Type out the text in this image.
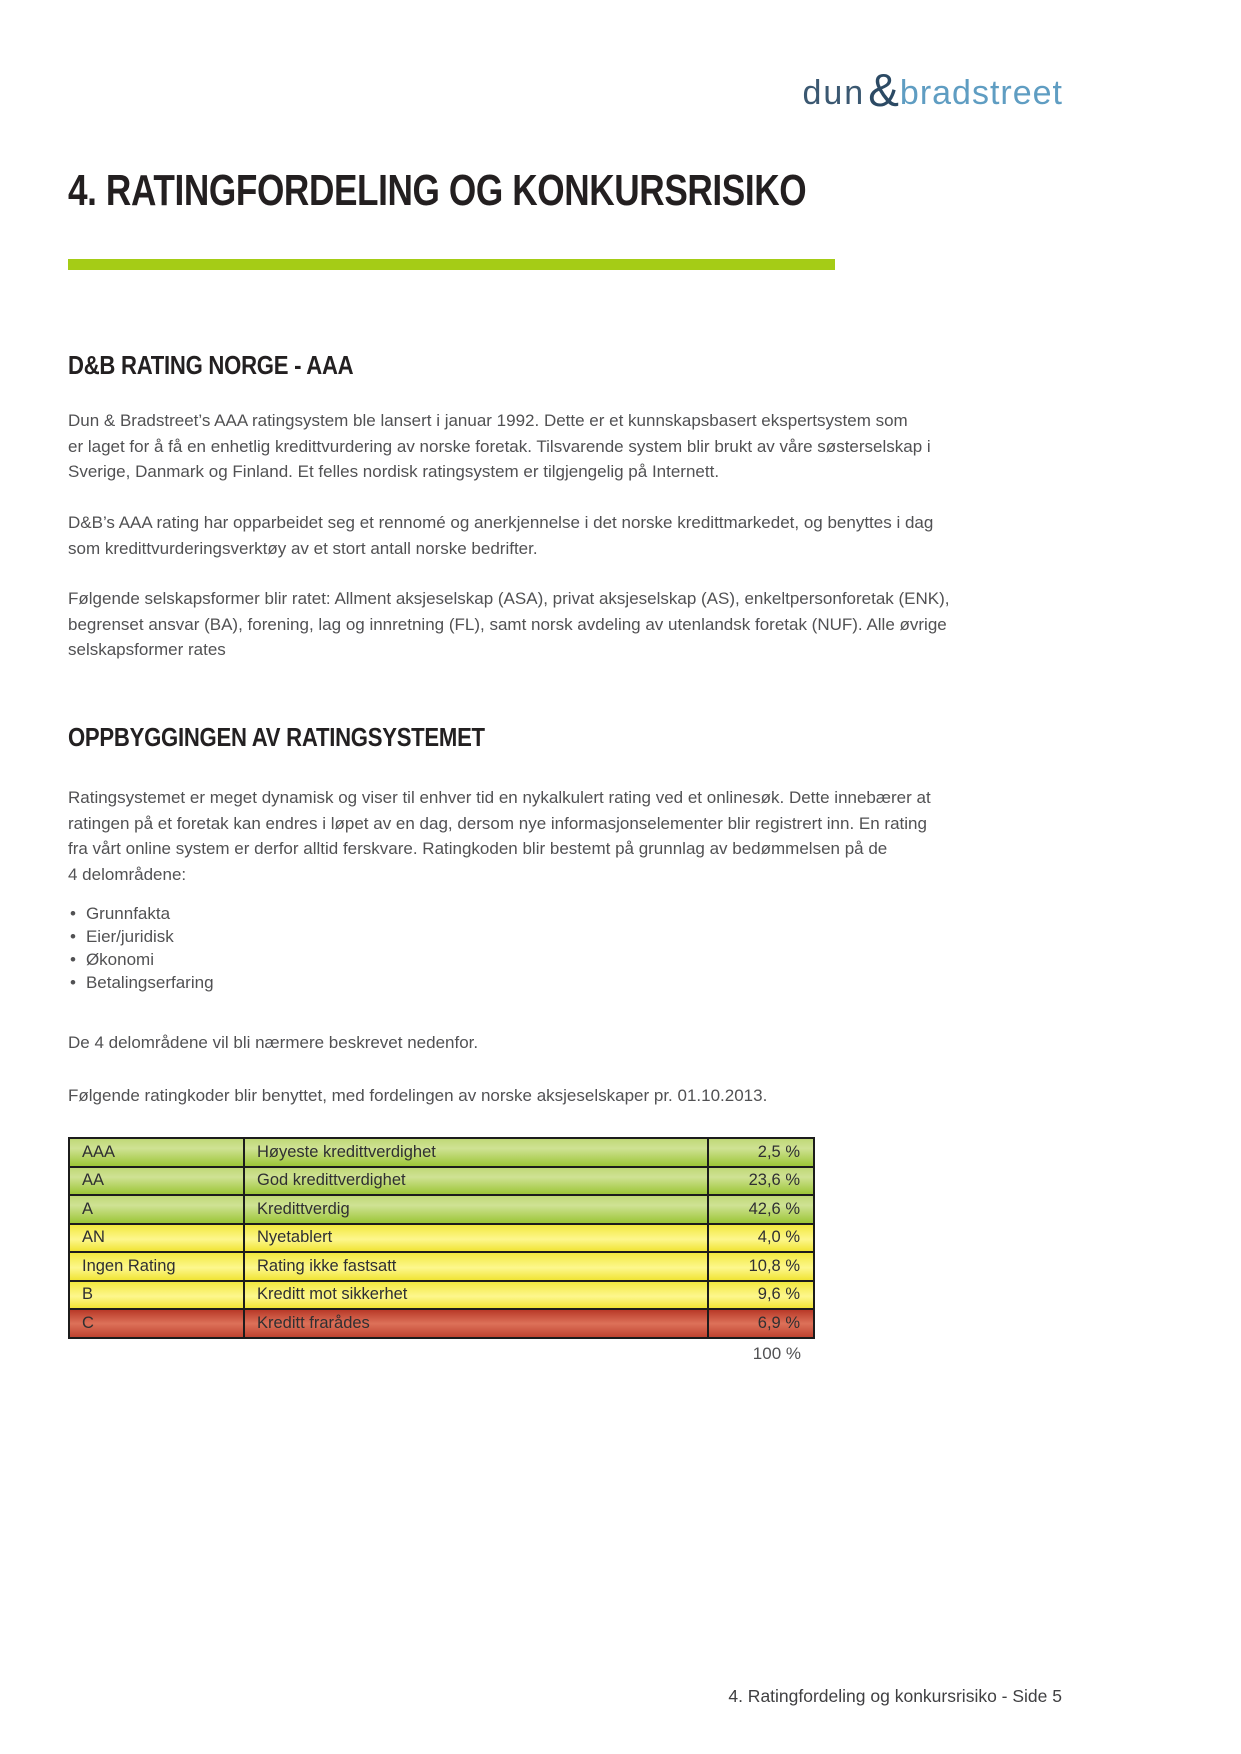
dun & bradstreet
4. RATINGFORDELING OG KONKURSRISIKO
D&B RATING NORGE - AAA
Dun & Bradstreet’s AAA ratingsystem ble lansert i januar 1992. Dette er et kunnskapsbasert ekspertsystem som
er laget for å få en enhetlig kredittvurdering av norske foretak. Tilsvarende system blir brukt av våre søsterselskap i
Sverige, Danmark og Finland. Et felles nordisk ratingsystem er tilgjengelig på Internett.
D&B’s AAA rating har opparbeidet seg et rennomé og anerkjennelse i det norske kredittmarkedet, og benyttes i dag
som kredittvurderingsverktøy av et stort antall norske bedrifter.
Følgende selskapsformer blir ratet: Allment aksjeselskap (ASA), privat aksjeselskap (AS), enkeltpersonforetak (ENK),
begrenset ansvar (BA), forening, lag og innretning (FL), samt norsk avdeling av utenlandsk foretak (NUF). Alle øvrige
selskapsformer rates
OPPBYGGINGEN AV RATINGSYSTEMET
Ratingsystemet er meget dynamisk og viser til enhver tid en nykalkulert rating ved et onlinesøk. Dette innebærer at
ratingen på et foretak kan endres i løpet av en dag, dersom nye informasjonselementer blir registrert inn. En rating
fra vårt online system er derfor alltid ferskvare. Ratingkoden blir bestemt på grunnlag av bedømmelsen på de
4 delområdene:
• Grunnfakta
• Eier/juridisk
• Økonomi
• Betalingserfaring
De 4 delområdene vil bli nærmere beskrevet nedenfor.
Følgende ratingkoder blir benyttet, med fordelingen av norske aksjeselskaper pr. 01.10.2013.
AAA	Høyeste kredittverdighet	2,5 %
AA	God kredittverdighet	23,6 %
A	Kredittverdig	42,6 %
AN	Nyetablert	4,0 %
Ingen Rating	Rating ikke fastsatt	10,8 %
B	Kreditt mot sikkerhet	9,6 %
C	Kreditt frarådes	6,9 %
100 %
4. Ratingfordeling og konkursrisiko - Side 5
